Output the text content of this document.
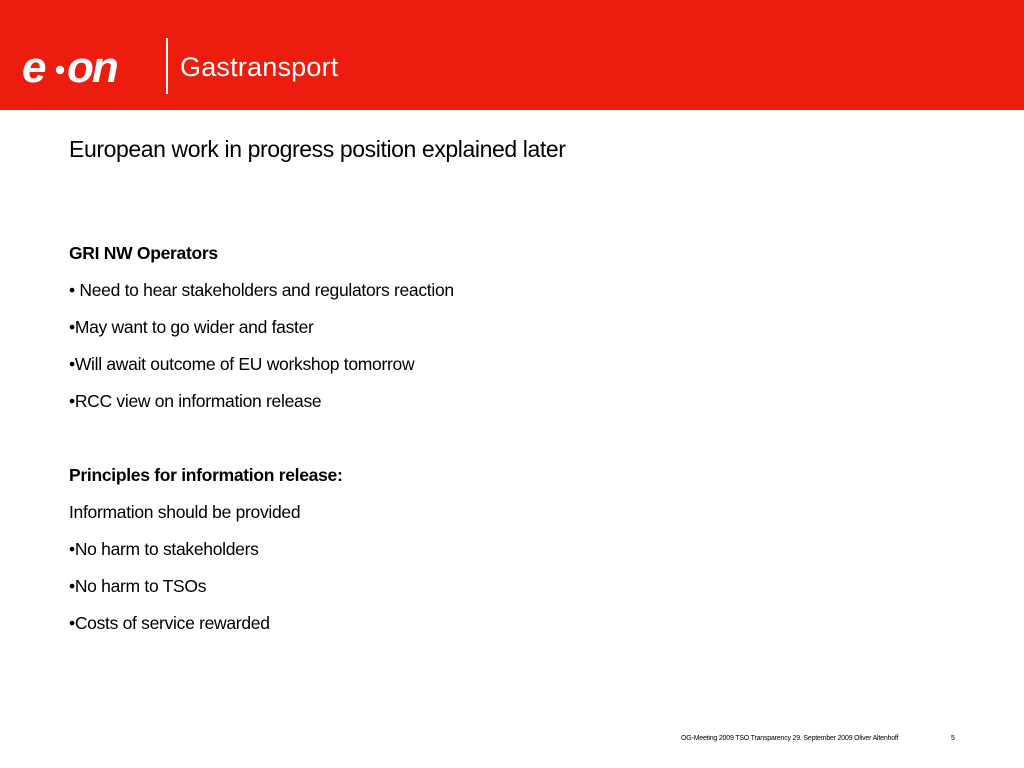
e on Gastransport
European work in progress position explained later
GRI NW Operators
• Need to hear stakeholders and regulators reaction
•May want to go wider and faster
•Will await outcome of EU workshop tomorrow
•RCC view on information release
Principles for information release:
Information should be provided
•No harm to stakeholders
•No harm to TSOs
•Costs of service rewarded
OG-Meeting 2009 TSO Transparency 29. September 2009 Oliver Altenhoff	5
